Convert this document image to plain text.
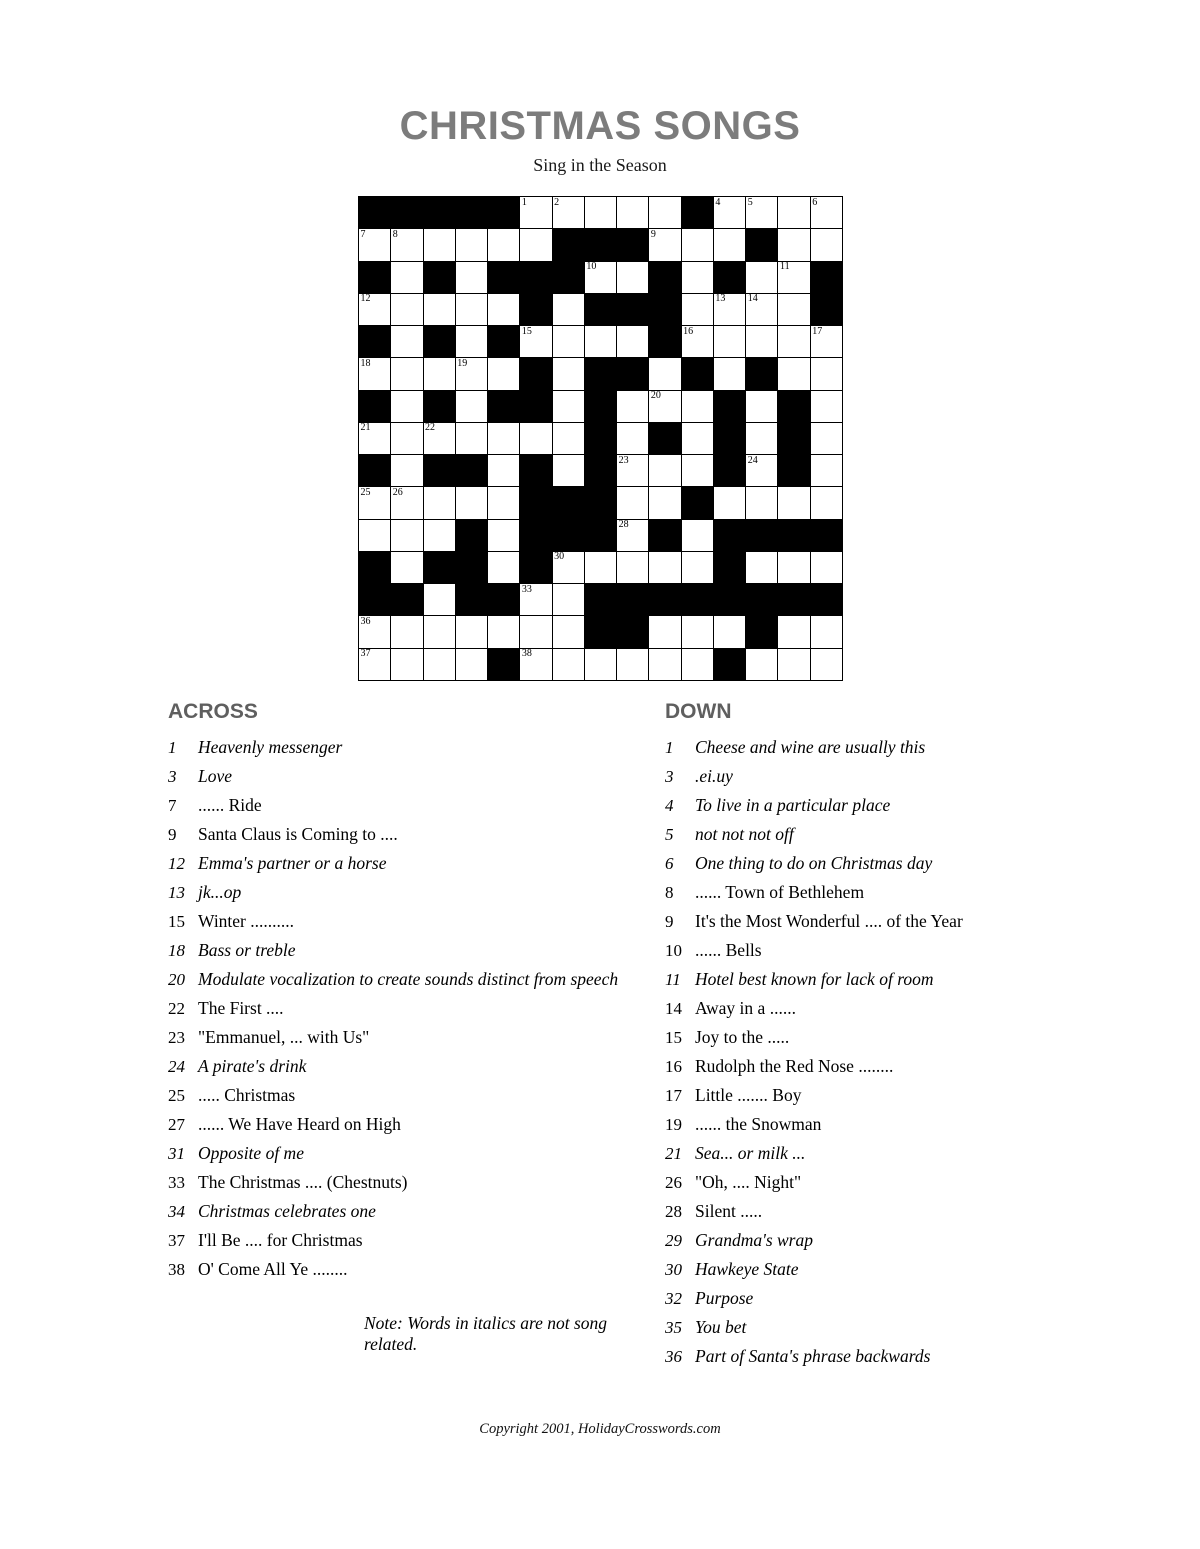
CHRISTMAS SONGS
Sing in the Season
1	2	4	5	6
7	8	9
10	11
12	13 14
15	16	17
18	19
20
21	22
23	24
25 26
28
30
33
36
37	38
ACROSS
1	Heavenly messenger
3	Love
7	...... Ride
9	Santa Claus is Coming to ....
12 Emma's partner or a horse
13 jk...op
15 Winter ..........
18 Bass or treble
20 Modulate vocalization to create sounds distinct from speech
22 The First ....
23 "Emmanuel, ... with Us"
24 A pirate's drink
25 ..... Christmas
27 ...... We Have Heard on High
31 Opposite of me
33 The Christmas .... (Chestnuts)
34 Christmas celebrates one
37 I'll Be .... for Christmas
38 O' Come All Ye ........
Note: Words in italics are not song related.
DOWN
1	Cheese and wine are usually this
3	.ei.uy
4	To live in a particular place
5	not not not off
6	One thing to do on Christmas day
8	...... Town of Bethlehem
9	It's the Most Wonderful .... of the Year
10 ...... Bells
11 Hotel best known for lack of room
14 Away in a ......
15 Joy to the .....
16 Rudolph the Red Nose ........
17 Little ....... Boy
19 ...... the Snowman
21 Sea... or milk ...
26 "Oh, .... Night"
28 Silent .....
29 Grandma's wrap
30 Hawkeye State
32 Purpose
35 You bet
36 Part of Santa's phrase backwards
Copyright 2001, HolidayCrosswords.com
